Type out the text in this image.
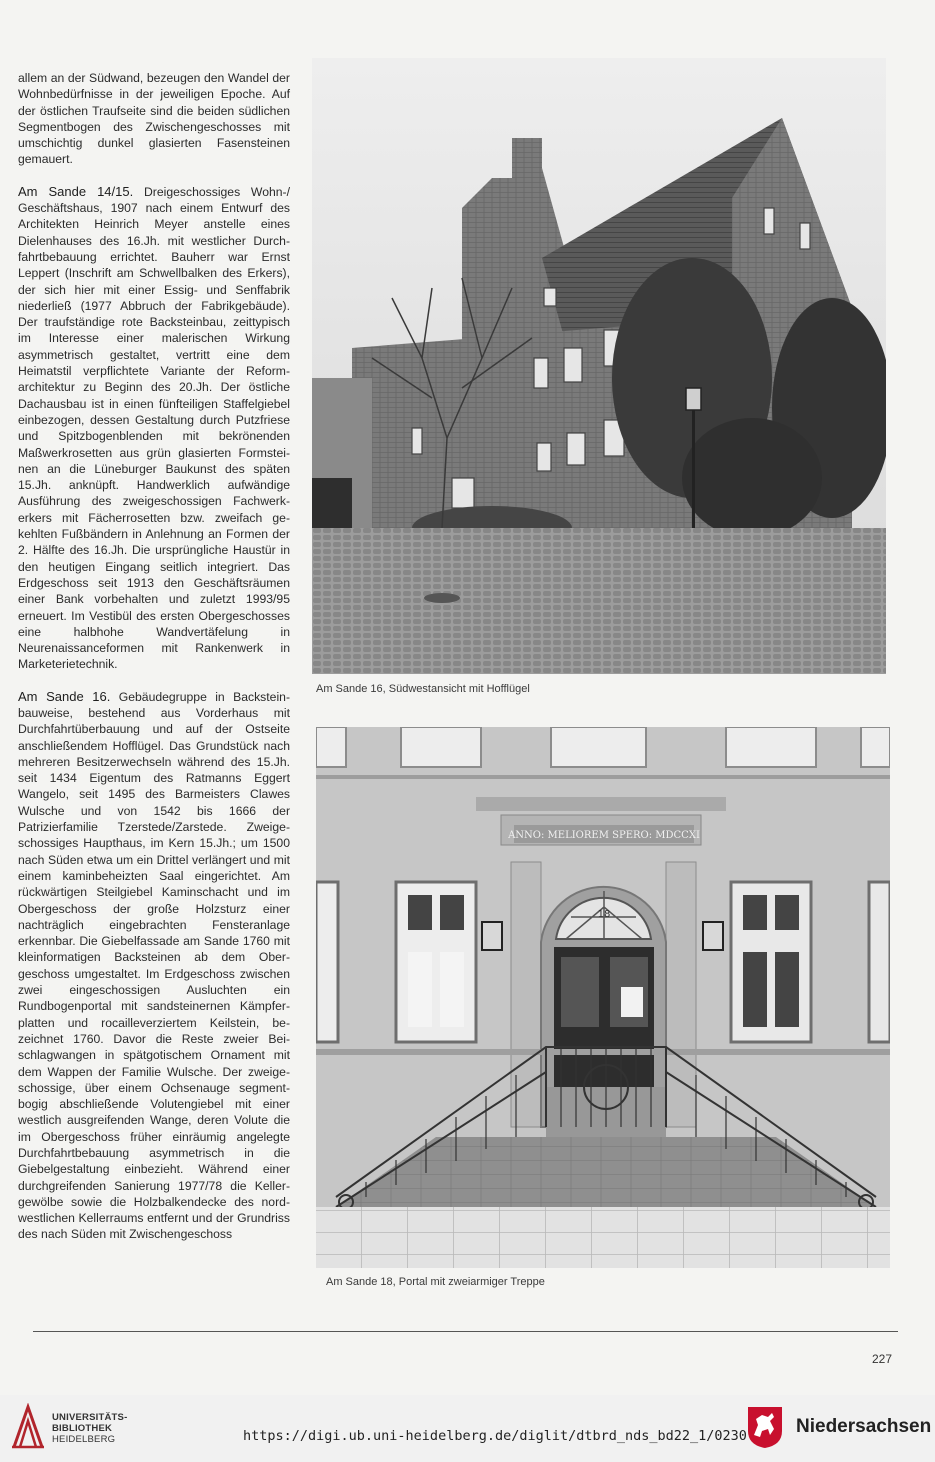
allem an der Südwand, bezeugen den Wandel der Wohnbedürfnisse in der jeweiligen Epoche. Auf der östlichen Traufseite sind die beiden südlichen Segmentbogen des Zwischengeschosses mit umschichtig dunkel glasierten Fasensteinen gemauert.

Am Sande 14/15. Dreigeschossiges Wohn-/ Geschäftshaus, 1907 nach einem Entwurf des Architekten Heinrich Meyer anstelle eines Dielenhauses des 16.Jh. mit westlicher Durchfahrtbebauung errichtet. Bauherr war Ernst Leppert (Inschrift am Schwellbalken des Erkers), der sich hier mit einer Essig- und Senffabrik niederließ (1977 Abbruch der Fabrikgebäude). Der traufständige rote Backsteinbau, zeittypisch im Interesse einer malerischen Wirkung asymmetrisch gestaltet, vertritt eine dem Heimatstil verpflichtete Variante der Reformarchitektur zu Beginn des 20.Jh. Der östliche Dachausbau ist in einen fünfteiligen Staffelgiebel einbezogen, dessen Gestaltung durch Putzfriese und Spitzbogenblenden mit bekrönenden Maßwerkrosetten aus grün glasierten Formsteinen an die Lüneburger Baukunst des späten 15.Jh. anknüpft. Handwerklich aufwändige Ausführung des zweigeschossigen Fachwerkerkers mit Fächerrosetten bzw. zweifach gekehlten Fußbändern in Anlehnung an Formen der 2. Hälfte des 16.Jh. Die ursprüngliche Haustür in den heutigen Eingang seitlich integriert. Das Erdgeschoss seit 1913 den Geschäftsräumen einer Bank vorbehalten und zuletzt 1993/95 erneuert. Im Vestibül des ersten Obergeschosses eine halbhohe Wandvertäfelung in Neurenaissanceformen mit Rankenwerk in Marketerietechnik.

Am Sande 16. Gebäudegruppe in Backsteinbauweise, bestehend aus Vorderhaus mit Durchfahrtüberbauung und auf der Ostseite anschließendem Hofflügel. Das Grundstück nach mehreren Besitzerwechseln während des 15.Jh. seit 1434 Eigentum des Ratmanns Eggert Wangelo, seit 1495 des Barmeisters Clawes Wulsche und von 1542 bis 1666 der Patrizierfamilie Tzerstede/Zarstede. Zweigeschossiges Haupthaus, im Kern 15.Jh.; um 1500 nach Süden etwa um ein Drittel verlängert und mit einem kaminbeheizten Saal eingerichtet. Am rückwärtigen Steilgiebel Kaminschacht und im Obergeschoss der große Holzsturz einer nachträglich eingebrachten Fensteranlage erkennbar. Die Giebelfassade am Sande 1760 mit kleinformatigen Backsteinen ab dem Obergeschoss umgestaltet. Im Erdgeschoss zwischen zwei eingeschossigen Ausluchten ein Rundbogenportal mit sandsteinernen Kämpferplatten und rocailleverziertem Keilstein, bezeichnet 1760. Davor die Reste zweier Beischlagwangen in spätgotischem Ornament mit dem Wappen der Familie Wulsche. Der zweigeschossige, über einem Ochsenauge segmentbogig abschließende Volutengiebel mit einer westlich ausgreifenden Wange, deren Volute die im Obergeschoss früher einräumig angelegte Durchfahrtbebauung asymmetrisch in die Giebelgestaltung einbezieht. Während einer durchgreifenden Sanierung 1977/78 die Kellergewölbe sowie die Holzbalkendecke des nordwestlichen Kellerraums entfernt und der Grundriss des nach Süden mit Zwischengeschoss

Am Sande 16, Südwestansicht mit Hofflügel
ANNO: MELIOREM SPERO: MDCCXI
18
Am Sande 18, Portal mit zweiarmiger Treppe
227
UNIVERSITÄTS-
BIBLIOTHEK
HEIDELBERG	https://digi.ub.uni-heidelberg.de/diglit/dtbrd_nds_bd22_1/0230	Niedersachsen
